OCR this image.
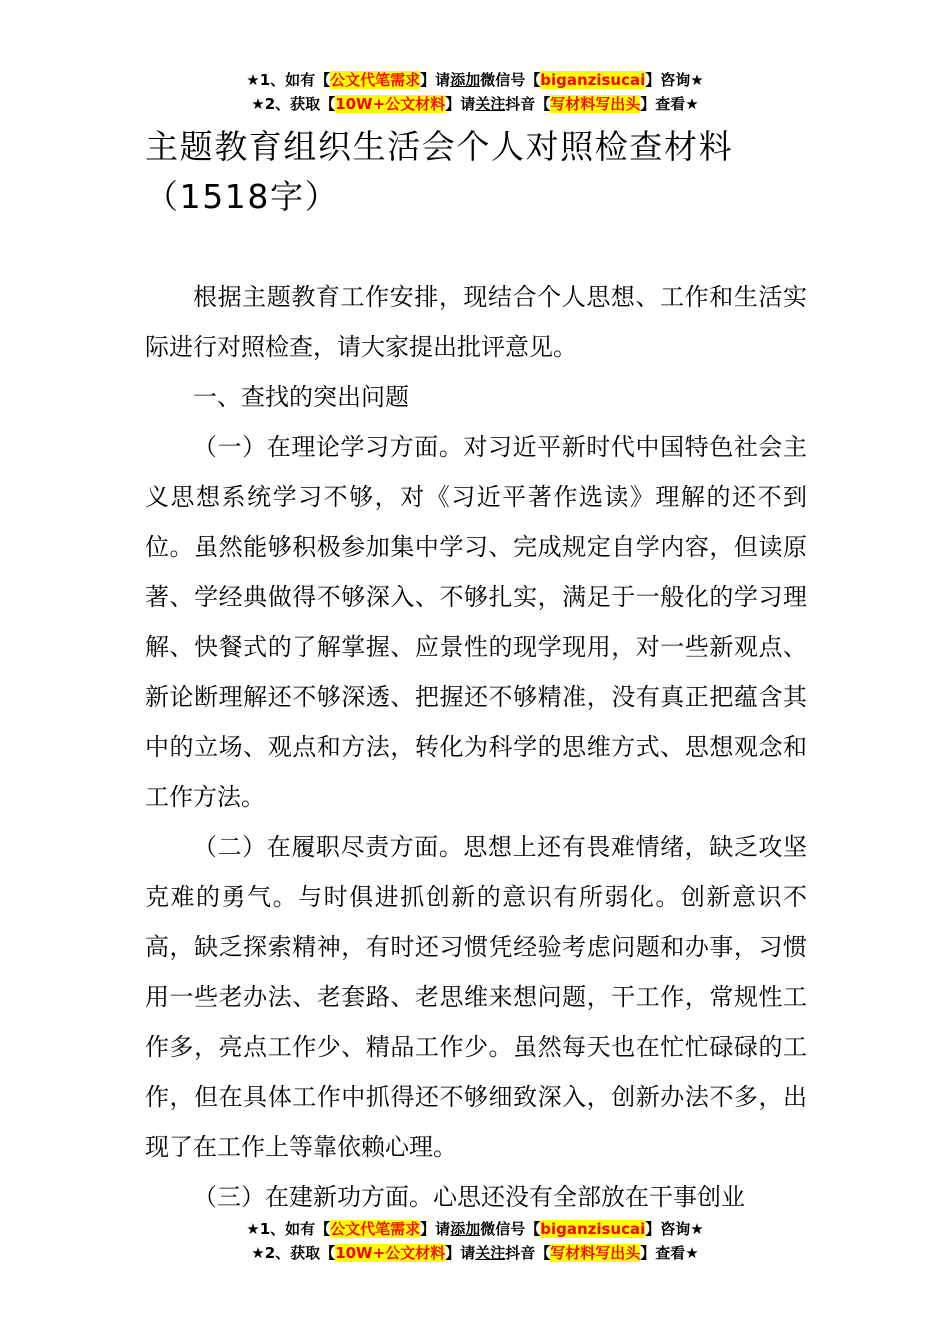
★1、如有【公文代笔需求】请添加微信号【biganzisucai】咨询★
★2、获取【10W+公文材料】请关注抖音【写材料写出头】查看★
主题教育组织生活会个人对照检查材料（1518字）

根据主题教育工作安排，现结合个人思想、工作和生活实际进行对照检查，请大家提出批评意见。

一、查找的突出问题

（一）在理论学习方面。对习近平新时代中国特色社会主义思想系统学习不够，对《习近平著作选读》理解的还不到位。虽然能够积极参加集中学习、完成规定自学内容，但读原著、学经典做得不够深入、不够扎实，满足于一般化的学习理解、快餐式的了解掌握、应景性的现学现用，对一些新观点、新论断理解还不够深透、把握还不够精准，没有真正把蕴含其中的立场、观点和方法，转化为科学的思维方式、思想观念和工作方法。

（二）在履职尽责方面。思想上还有畏难情绪，缺乏攻坚克难的勇气。与时俱进抓创新的意识有所弱化。创新意识不高，缺乏探索精神，有时还习惯凭经验考虑问题和办事，习惯用一些老办法、老套路、老思维来想问题，干工作，常规性工作多，亮点工作少、精品工作少。虽然每天也在忙忙碌碌的工作，但在具体工作中抓得还不够细致深入，创新办法不多，出现了在工作上等靠依赖心理。

（三）在建新功方面。心思还没有全部放在干事创业

★1、如有【公文代笔需求】请添加微信号【biganzisucai】咨询★
★2、获取【10W+公文材料】请关注抖音【写材料写出头】查看★
